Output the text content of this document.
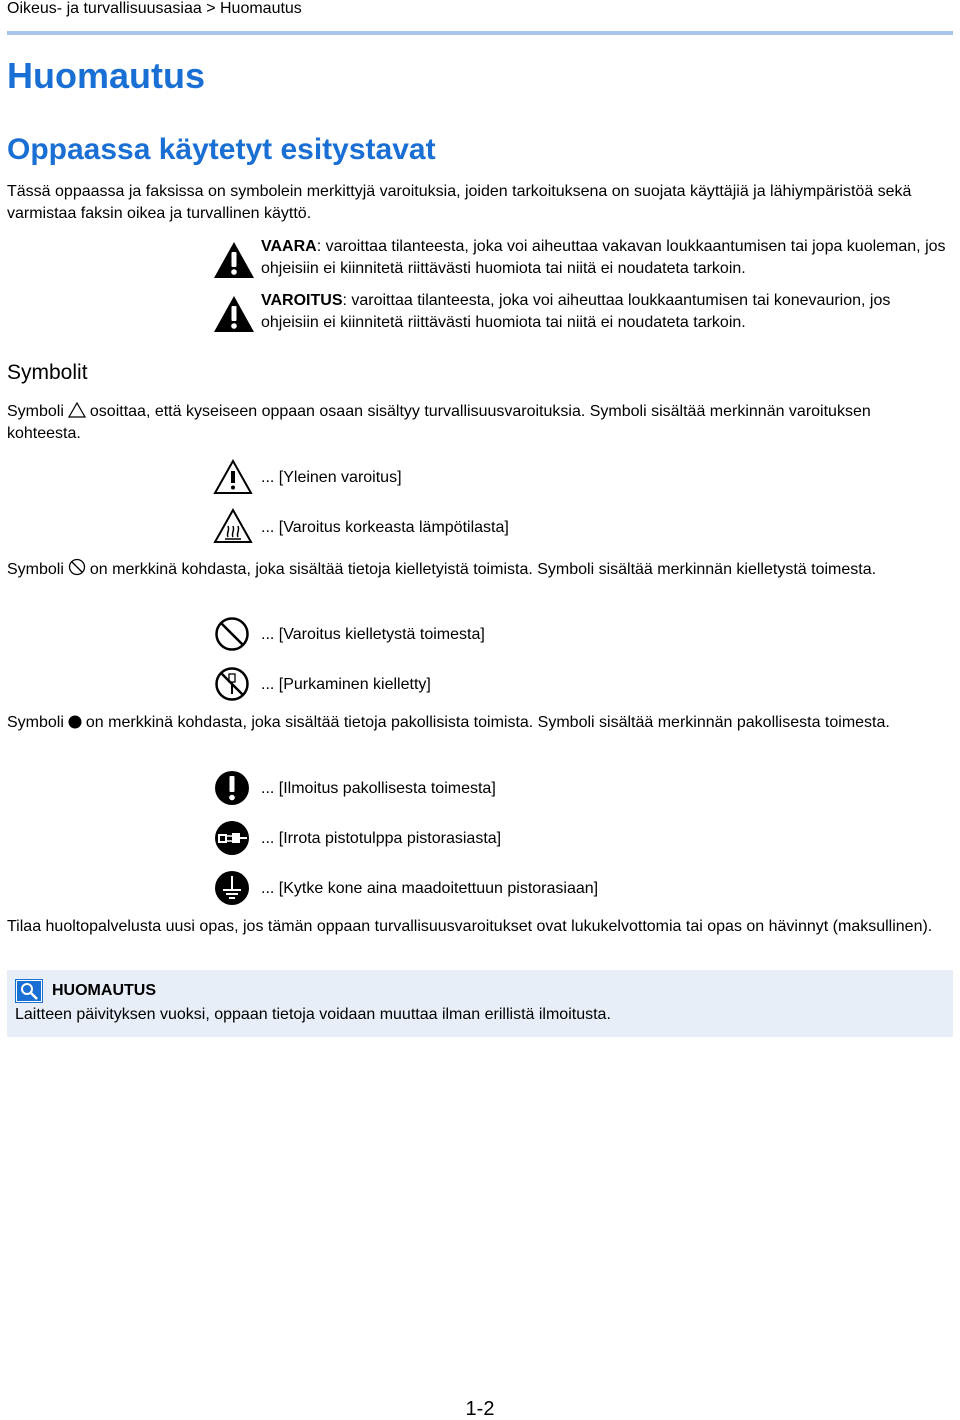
Oikeus- ja turvallisuusasiaa > Huomautus
Huomautus
Oppaassa käytetyt esitystavat
Tässä oppaassa ja faksissa on symbolein merkittyjä varoituksia, joiden tarkoituksena on suojata käyttäjiä ja lähiympäristöä sekä varmistaa faksin oikea ja turvallinen käyttö.
VAARA: varoittaa tilanteesta, joka voi aiheuttaa vakavan loukkaantumisen tai jopa kuoleman, jos ohjeisiin ei kiinnitetä riittävästi huomiota tai niitä ei noudateta tarkoin.
VAROITUS: varoittaa tilanteesta, joka voi aiheuttaa loukkaantumisen tai konevaurion, jos ohjeisiin ei kiinnitetä riittävästi huomiota tai niitä ei noudateta tarkoin.
Symbolit
Symboli osoittaa, että kyseiseen oppaan osaan sisältyy turvallisuusvaroituksia. Symboli sisältää merkinnän varoituksen kohteesta.
... [Yleinen varoitus]
... [Varoitus korkeasta lämpötilasta]
Symboli on merkkinä kohdasta, joka sisältää tietoja kielletyistä toimista. Symboli sisältää merkinnän kielletystä toimesta.
... [Varoitus kielletystä toimesta]
... [Purkaminen kielletty]
Symboli on merkkinä kohdasta, joka sisältää tietoja pakollisista toimista. Symboli sisältää merkinnän pakollisesta toimesta.
... [Ilmoitus pakollisesta toimesta]
... [Irrota pistotulppa pistorasiasta]
... [Kytke kone aina maadoitettuun pistorasiaan]
Tilaa huoltopalvelusta uusi opas, jos tämän oppaan turvallisuusvaroitukset ovat lukukelvottomia tai opas on hävinnyt (maksullinen).
HUOMAUTUS
Laitteen päivityksen vuoksi, oppaan tietoja voidaan muuttaa ilman erillistä ilmoitusta.
1-2
